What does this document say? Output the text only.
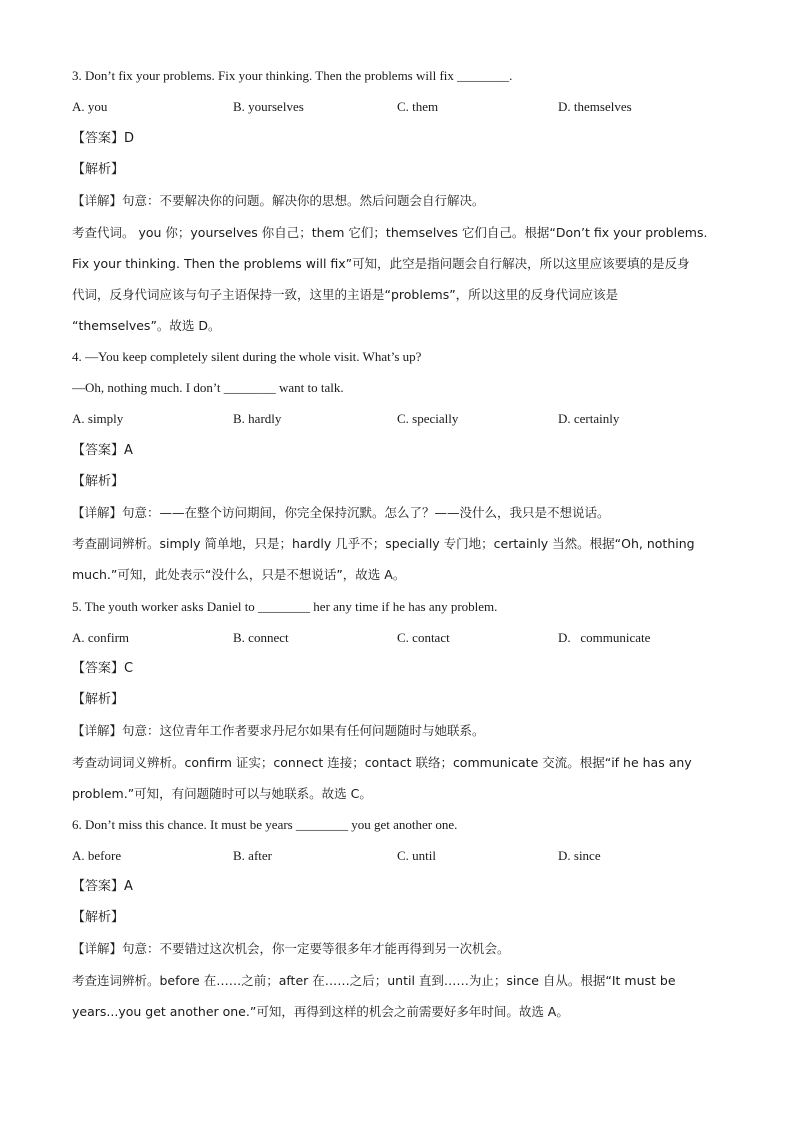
3. Don’t fix your problems. Fix your thinking. Then the problems will fix ________.
A. you	B. yourselves	C. them	D. themselves
【答案】D
【解析】
【详解】句意：不要解决你的问题。解决你的思想。然后问题会自行解决。
考查代词。 you 你；yourselves 你自己；them 它们；themselves 它们自己。根据“Don’t fix your problems.
Fix your thinking. Then the problems will fix”可知，此空是指问题会自行解决，所以这里应该要填的是反身
代词，反身代词应该与句子主语保持一致，这里的主语是“problems”，所以这里的反身代词应该是
“themselves”。故选 D。
4. —You keep completely silent during the whole visit. What’s up?
—Oh, nothing much. I don’t ________ want to talk.
A. simply	B. hardly	C. specially	D. certainly
【答案】A
【解析】
【详解】句意：——在整个访问期间，你完全保持沉默。怎么了？——没什么，我只是不想说话。
考查副词辨析。simply 简单地，只是；hardly 几乎不；specially 专门地；certainly 当然。根据“Oh, nothing
much.”可知，此处表示“没什么，只是不想说话”，故选 A。
5. The youth worker asks Daniel to ________ her any time if he has any problem.
A. confirm	B. connect	C. contact	D.   communicate
【答案】C
【解析】
【详解】句意：这位青年工作者要求丹尼尔如果有任何问题随时与她联系。
考查动词词义辨析。confirm 证实；connect 连接；contact 联络；communicate 交流。根据“if he has any
problem.”可知，有问题随时可以与她联系。故选 C。
6. Don’t miss this chance. It must be years ________ you get another one.
A. before	B. after	C. until	D. since
【答案】A
【解析】
【详解】句意：不要错过这次机会，你一定要等很多年才能再得到另一次机会。
考查连词辨析。before 在……之前；after 在……之后；until 直到……为止；since 自从。根据“It must be
years...you get another one.”可知，再得到这样的机会之前需要好多年时间。故选 A。
